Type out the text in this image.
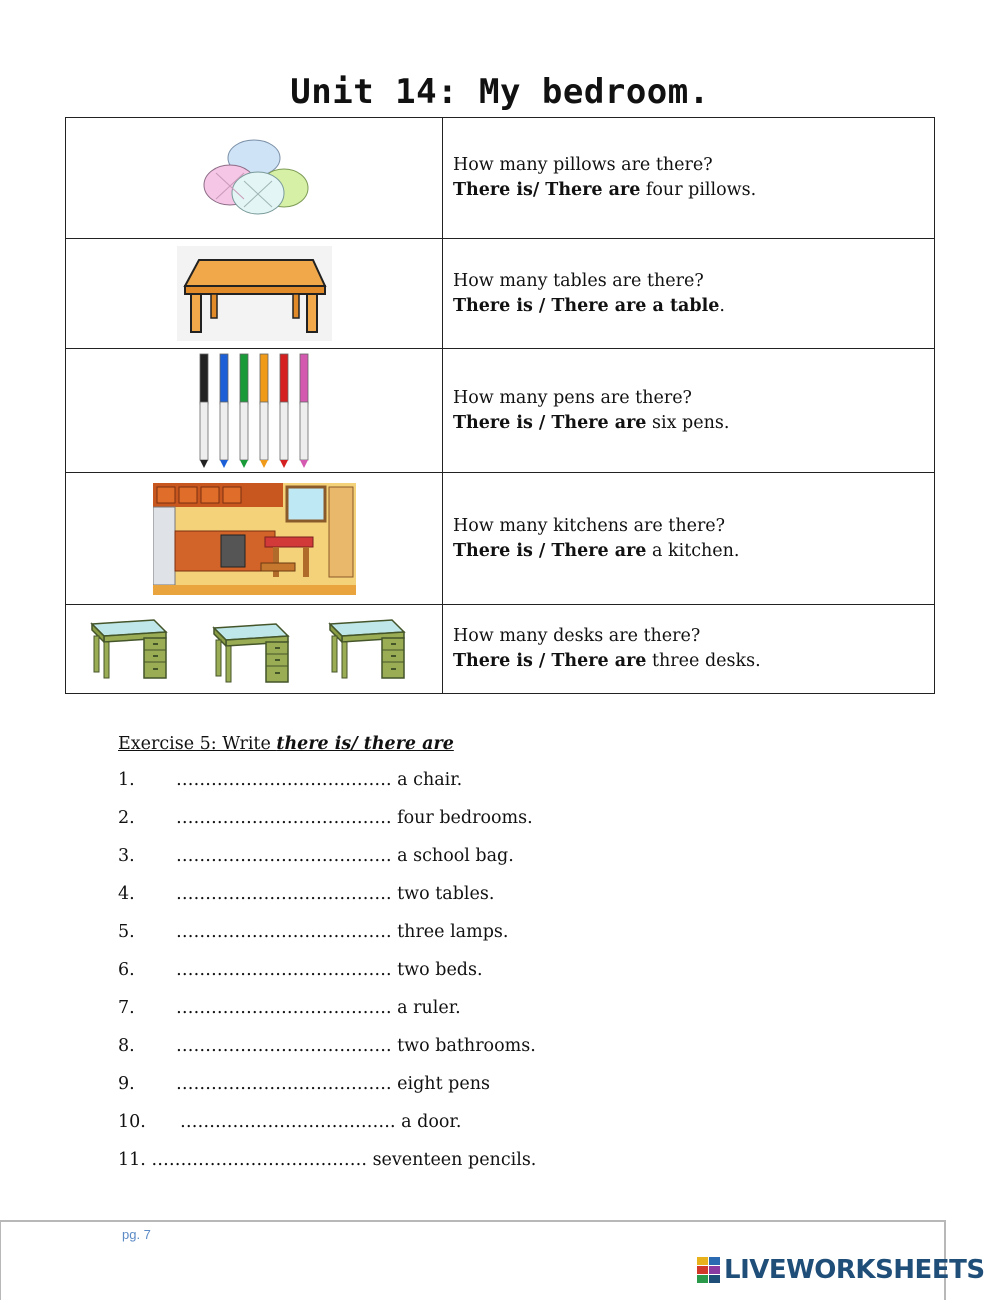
Unit 14: My bedroom.

How many pillows are there?
There is/ There are four pillows.

How many tables are there?
There is / There are a table.

How many pens are there?
There is / There are six pens.

How many kitchens are there?
There is / There are a kitchen.

How many desks are there?
There is / There are three desks.
Exercise 5: Write there is/ there are
1. ………………………………. a chair.
2. ………………………………. four bedrooms.
3. ………………………………. a school bag.
4. ………………………………. two tables.
5. ………………………………. three lamps.
6. ………………………………. two beds.
7. ………………………………. a ruler.
8. ………………………………. two bathrooms.
9. ………………………………. eight pens
10. ………………………………. a door.
11. ………………………………. seventeen pencils.
pg. 7
LIVEWORKSHEETS
